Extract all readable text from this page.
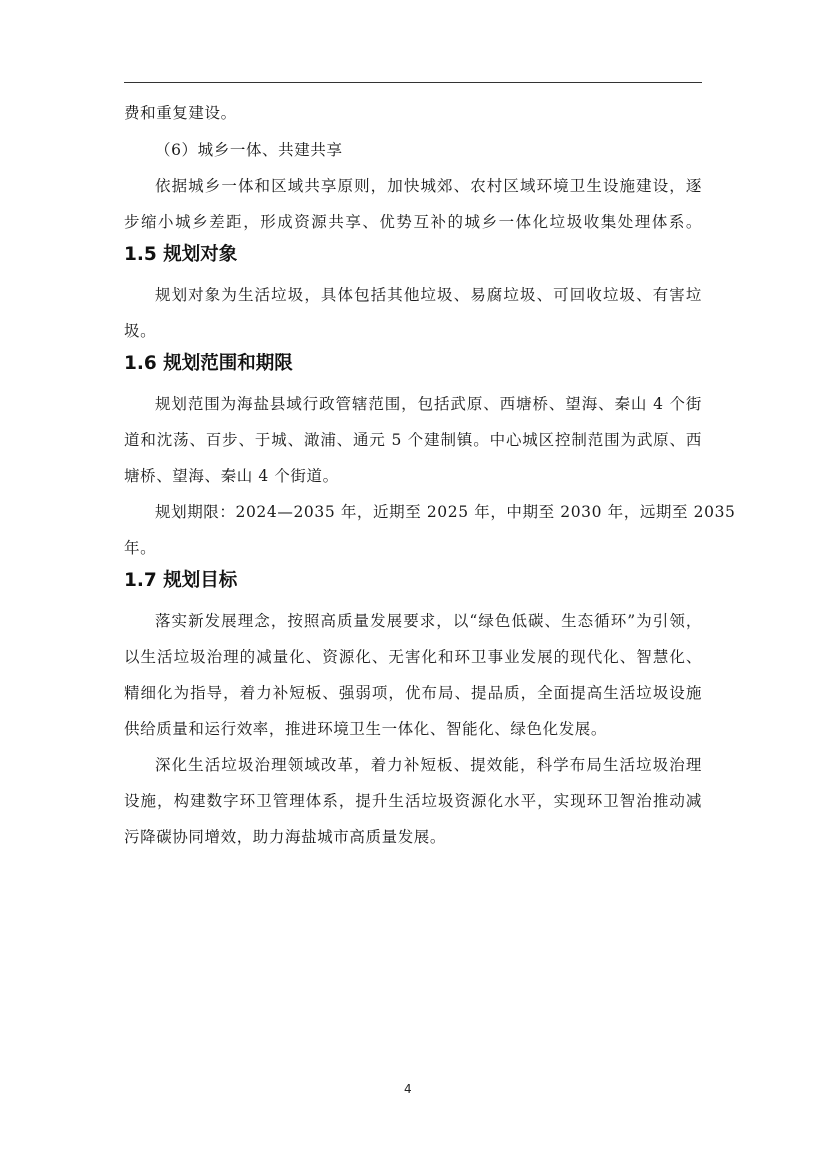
费和重复建设。
（6）城乡一体、共建共享
依据城乡一体和区域共享原则，加快城郊、农村区域环境卫生设施建设，逐
步缩小城乡差距，形成资源共享、优势互补的城乡一体化垃圾收集处理体系。
1.5 规划对象
规划对象为生活垃圾，具体包括其他垃圾、易腐垃圾、可回收垃圾、有害垃
圾。
1.6 规划范围和期限
规划范围为海盐县域行政管辖范围，包括武原、西塘桥、望海、秦山 4 个街
道和沈荡、百步、于城、澉浦、通元 5 个建制镇。中心城区控制范围为武原、西
塘桥、望海、秦山 4 个街道。
规划期限：2024—2035 年，近期至 2025 年，中期至 2030 年，远期至 2035
年。
1.7 规划目标
落实新发展理念，按照高质量发展要求，以“绿色低碳、生态循环”为引领，
以生活垃圾治理的减量化、资源化、无害化和环卫事业发展的现代化、智慧化、
精细化为指导，着力补短板、强弱项，优布局、提品质，全面提高生活垃圾设施
供给质量和运行效率，推进环境卫生一体化、智能化、绿色化发展。
深化生活垃圾治理领域改革，着力补短板、提效能，科学布局生活垃圾治理
设施，构建数字环卫管理体系，提升生活垃圾资源化水平，实现环卫智治推动减
污降碳协同增效，助力海盐城市高质量发展。
4
